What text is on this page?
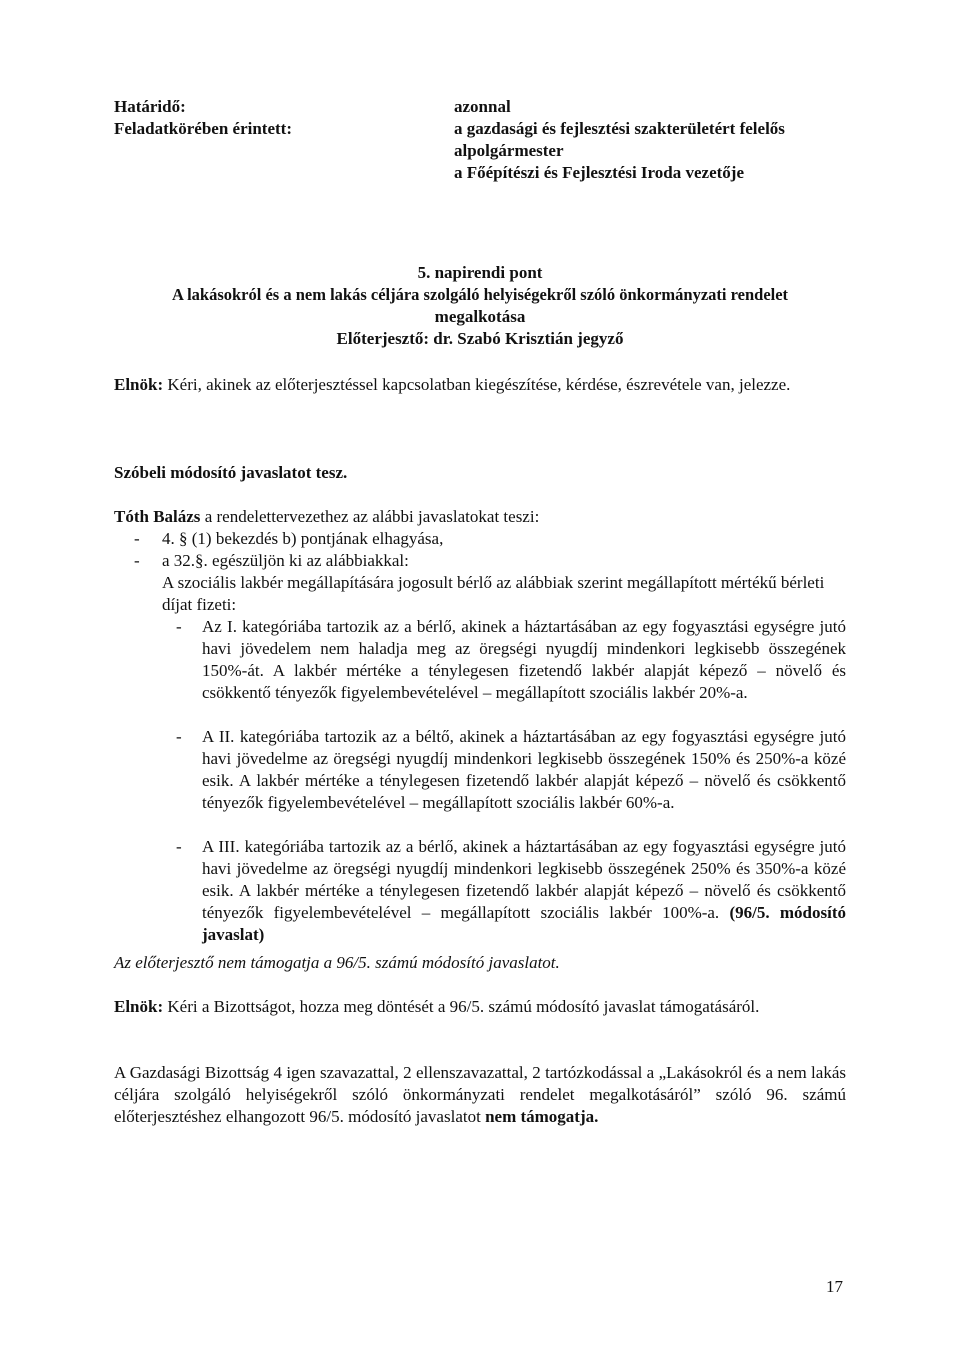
Határidő:
Feladatkörében érintett:
azonnal
a gazdasági és fejlesztési szakterületért felelős
alpolgármester
a Főépítészi és Fejlesztési Iroda vezetője
5. napirendi pont
A lakásokról és a nem lakás céljára szolgáló helyiségekről szóló önkormányzati rendelet
megalkotása
Előterjesztő: dr. Szabó Krisztián jegyző

Elnök: Kéri, akinek az előterjesztéssel kapcsolatban kiegészítése, kérdése, észrevétele van, jelezze.

Szóbeli módosító javaslatot tesz.

Tóth Balázs a rendelettervezethez az alábbi javaslatokat teszi:

- 4. § (1) bekezdés b) pontjának elhagyása,
- a 32.§. egészüljön ki az alábbiakkal:

A szociális lakbér megállapítására jogosult bérlő az alábbiak szerint megállapított mértékű bérleti díjat fizeti:

- Az I. kategóriába tartozik az a bérlő, akinek a háztartásában az egy fogyasztási egységre jutó havi jövedelem nem haladja meg az öregségi nyugdíj mindenkori legkisebb összegének 150%-át. A lakbér mértéke a ténylegesen fizetendő lakbér alapját képező – növelő és csökkentő tényezők figyelembevételével – megállapított szociális lakbér 20%-a.

- A II. kategóriába tartozik az a béltő, akinek a háztartásában az egy fogyasztási egységre jutó havi jövedelme az öregségi nyugdíj mindenkori legkisebb összegének 150% és 250%-a közé esik. A lakbér mértéke a ténylegesen fizetendő lakbér alapját képező – növelő és csökkentő tényezők figyelembevételével – megállapított szociális lakbér 60%-a.

- A III. kategóriába tartozik az a bérlő, akinek a háztartásában az egy fogyasztási egységre jutó havi jövedelme az öregségi nyugdíj mindenkori legkisebb összegének 250% és 350%-a közé esik. A lakbér mértéke a ténylegesen fizetendő lakbér alapját képező – növelő és csökkentő tényezők figyelembevételével – megállapított szociális lakbér 100%-a. (96/5. módosító javaslat)

Az előterjesztő nem támogatja a 96/5. számú módosító javaslatot.

Elnök: Kéri a Bizottságot, hozza meg döntését a 96/5. számú módosító javaslat támogatásáról.

A Gazdasági Bizottság 4 igen szavazattal, 2 ellenszavazattal, 2 tartózkodással a „Lakásokról és a nem lakás céljára szolgáló helyiségekről szóló önkormányzati rendelet megalkotásáról” szóló 96. számú előterjesztéshez elhangozott 96/5. módosító javaslatot nem támogatja.

17
